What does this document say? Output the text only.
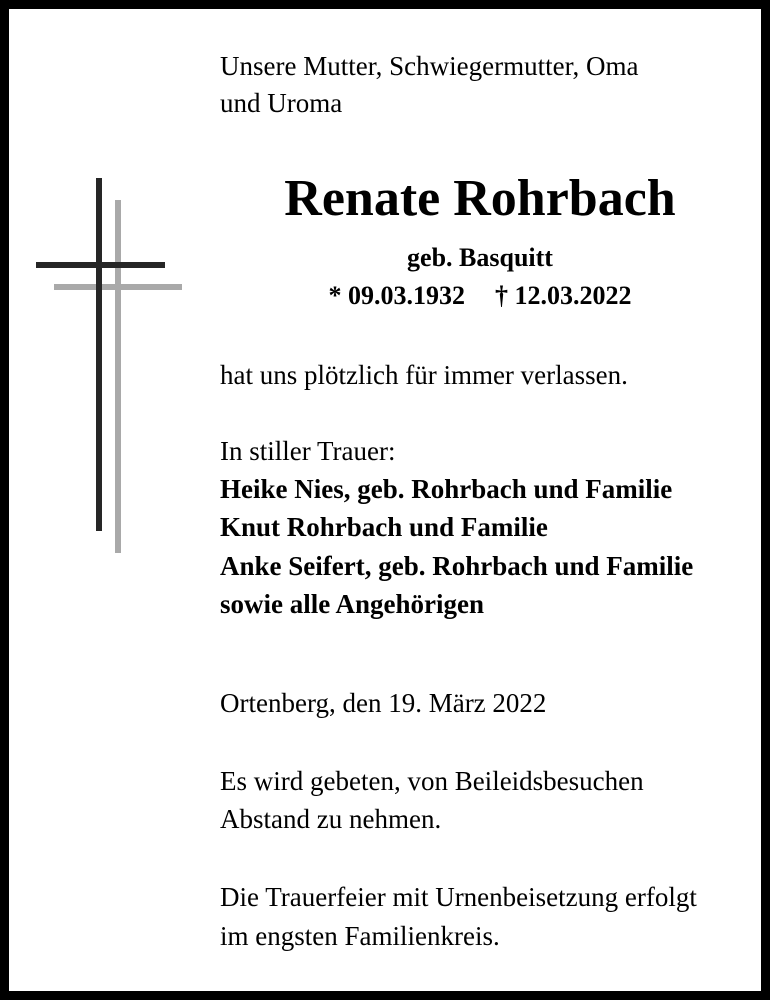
Unsere Mutter, Schwiegermutter, Oma
und Uroma
Renate Rohrbach
geb. Basquitt
* 09.03.1932 † 12.03.2022
hat uns plötzlich für immer verlassen.
In stiller Trauer:
Heike Nies, geb. Rohrbach und Familie
Knut Rohrbach und Familie
Anke Seifert, geb. Rohrbach und Familie
sowie alle Angehörigen
Ortenberg, den 19. März 2022
Es wird gebeten, von Beileidsbesuchen
Abstand zu nehmen.
Die Trauerfeier mit Urnenbeisetzung erfolgt
im engsten Familienkreis.
